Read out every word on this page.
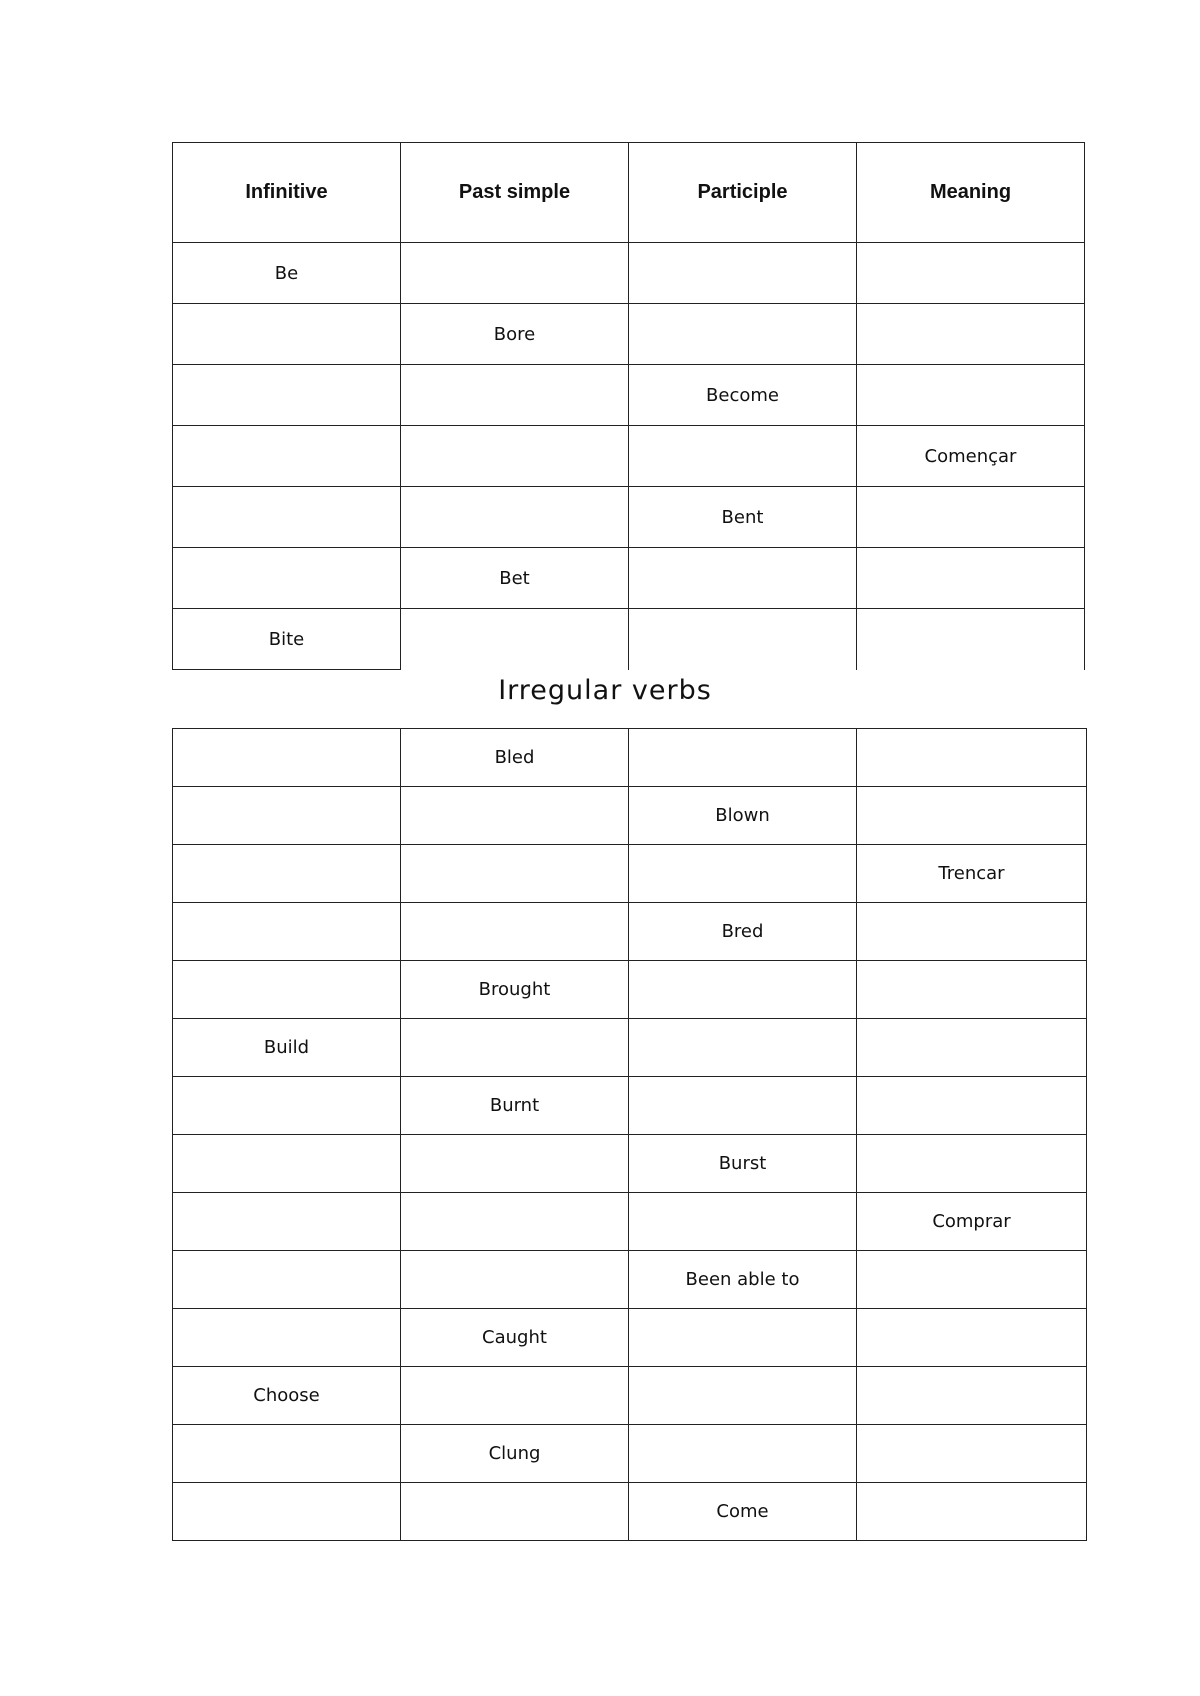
Infinitive	Past simple	Participle	Meaning
Be			
	Bore		
		Become	
			Començar
		Bent	
	Bet		
Bite			
Irregular verbs
	Bled		
		Blown	
			Trencar
		Bred	
	Brought		
Build			
	Burnt		
		Burst	
			Comprar
		Been able to	
	Caught		
Choose			
	Clung		
		Come	
